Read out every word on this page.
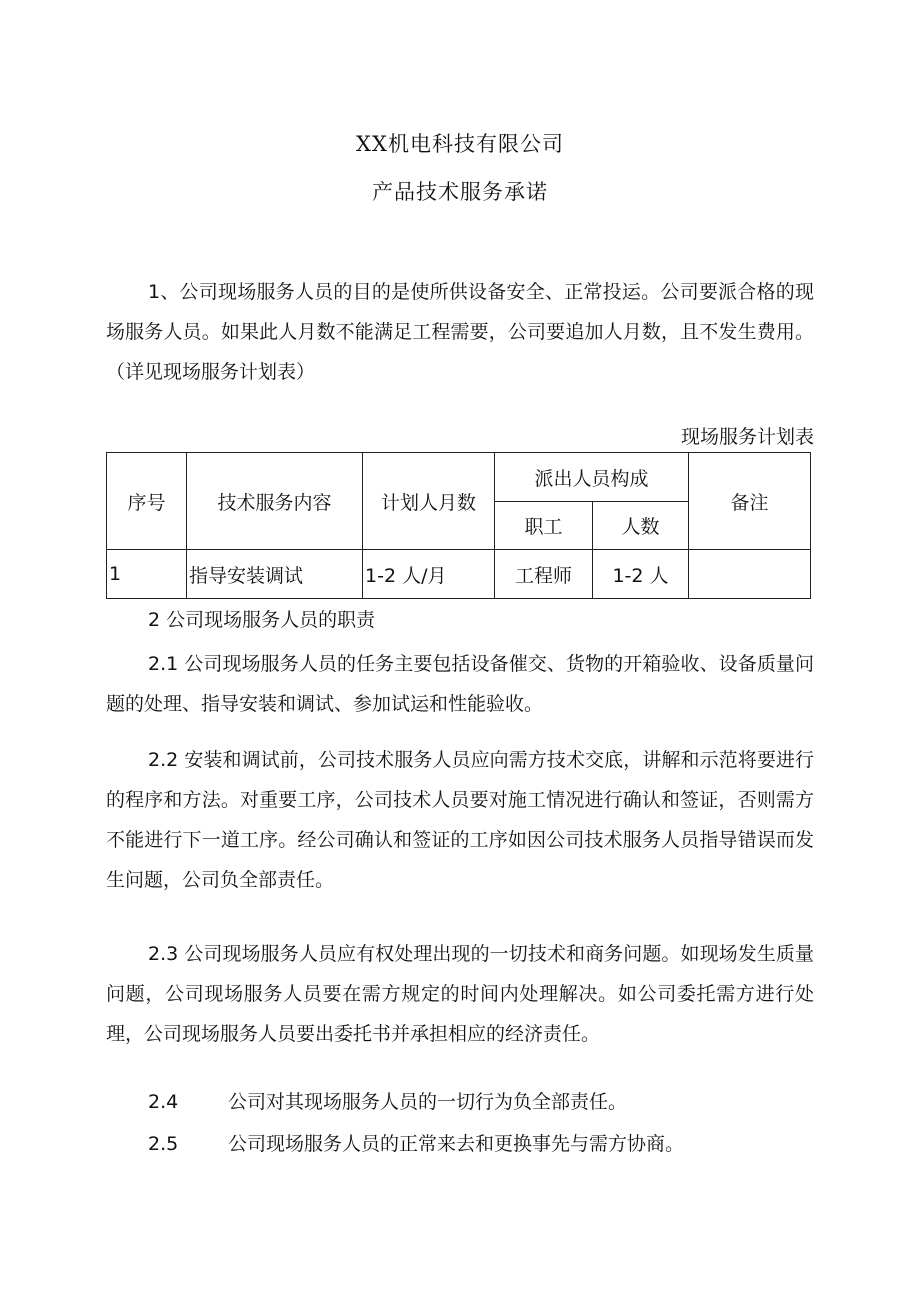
XX机电科技有限公司
产品技术服务承诺

1、公司现场服务人员的目的是使所供设备安全、正常投运。公司要派合格的现场服务人员。如果此人月数不能满足工程需要，公司要追加人月数，且不发生费用。（详见现场服务计划表）

现场服务计划表
序号	技术服务内容	计划人月数	派出人员构成		备注
			职工	人数	
1	指导安装调试	1-2 人/月	工程师	1-2 人	

2 公司现场服务人员的职责

2.1 公司现场服务人员的任务主要包括设备催交、货物的开箱验收、设备质量问题的处理、指导安装和调试、参加试运和性能验收。

2.2 安装和调试前，公司技术服务人员应向需方技术交底，讲解和示范将要进行的程序和方法。对重要工序，公司技术人员要对施工情况进行确认和签证，否则需方不能进行下一道工序。经公司确认和签证的工序如因公司技术服务人员指导错误而发生问题，公司负全部责任。

2.3 公司现场服务人员应有权处理出现的一切技术和商务问题。如现场发生质量问题，公司现场服务人员要在需方规定的时间内处理解决。如公司委托需方进行处理，公司现场服务人员要出委托书并承担相应的经济责任。

2.4	公司对其现场服务人员的一切行为负全部责任。
2.5	公司现场服务人员的正常来去和更换事先与需方协商。
